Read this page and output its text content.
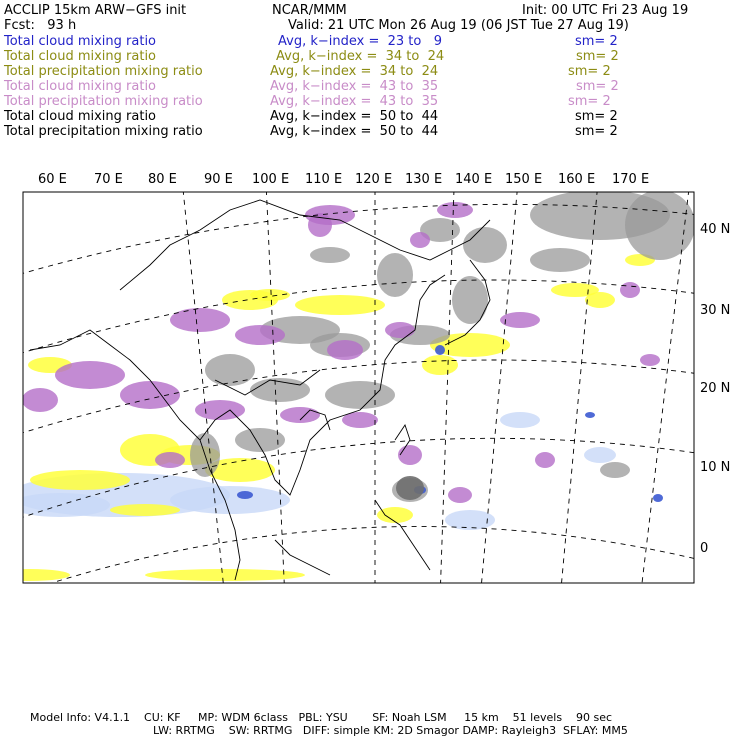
ACCLIP 15km ARW−GFS init	NCAR/MMM	Init: 00 UTC Fri 23 Aug 19
Fcst:   93 h	Valid: 21 UTC Mon 26 Aug 19 (06 JST Tue 27 Aug 19)
Total cloud mixing ratio	Avg, k−index =  23 to   9	sm= 2
Total cloud mixing ratio	Avg, k−index =  34 to  24	sm= 2
Total precipitation mixing ratio	Avg, k−index =  34 to  24	sm= 2
Total cloud mixing ratio	Avg, k−index =  43 to  35	sm= 2
Total precipitation mixing ratio	Avg, k−index =  43 to  35	sm= 2
Total cloud mixing ratio	Avg, k−index =  50 to  44	sm= 2
Total precipitation mixing ratio	Avg, k−index =  50 to  44	sm= 2
60 E 70 E 80 E 90 E 100 E 110 E 120 E 130 E 140 E 150 E 160 E 170 E
40 N
30 N
20 N
10 N
0
Model Info: V4.1.1    CU: KF     MP: WDM 6class   PBL: YSU       SF: Noah LSM     15 km    51 levels    90 sec
LW: RRTMG    SW: RRTMG   DIFF: simple KM: 2D Smagor DAMP: Rayleigh3  SFLAY: MM5
